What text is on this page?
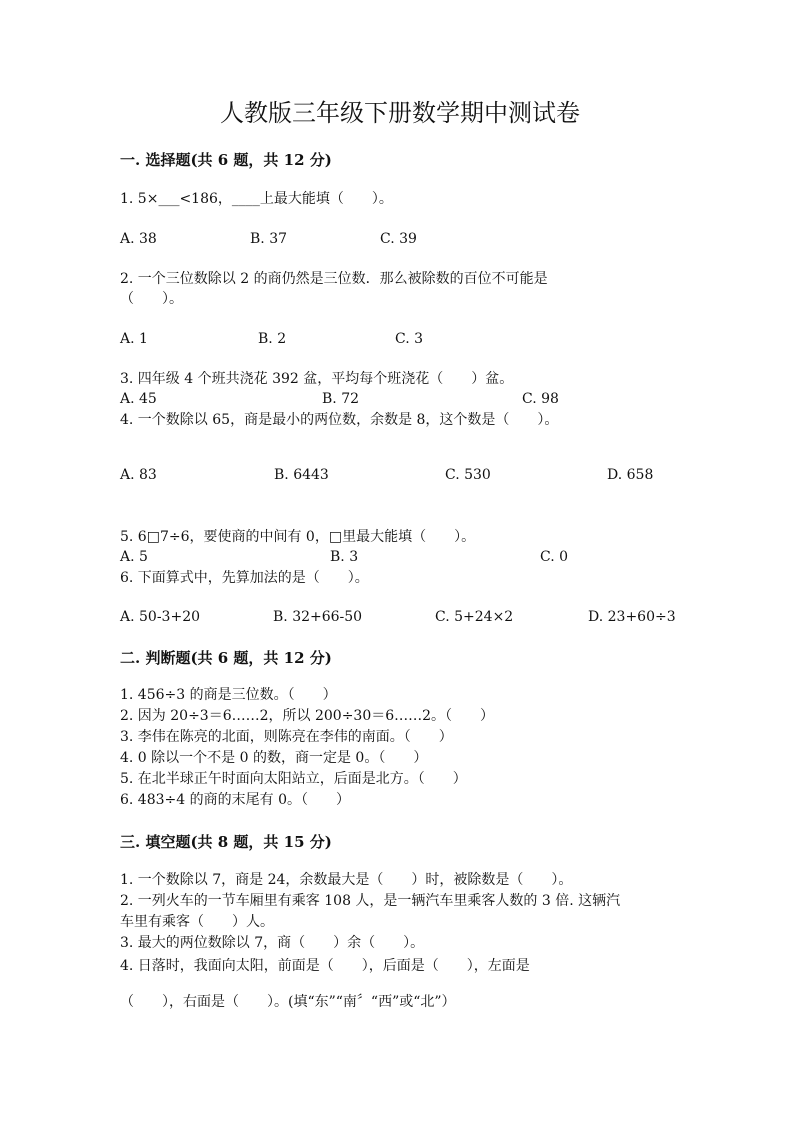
人教版三年级下册数学期中测试卷
一. 选择题(共 6 题，共 12 分)
1. 5×___<186，____上最大能填（　　）。
A. 38	B. 37	C. 39
2. 一个三位数除以 2 的商仍然是三位数．那么被除数的百位不可能是
（　　）。
A. 1	B. 2	C. 3
3. 四年级 4 个班共浇花 392 盆，平均每个班浇花（　　）盆。
A. 45	B. 72	C. 98
4. 一个数除以 65，商是最小的两位数，余数是 8，这个数是（　　）。
A. 83	B. 6443	C. 530	D. 658
5. 6□7÷6，要使商的中间有 0，□里最大能填（　　）。
A. 5	B. 3	C. 0
6. 下面算式中，先算加法的是（　　）。
A. 50-3+20	B. 32+66-50	C. 5+24×2	D. 23+60÷3
二. 判断题(共 6 题，共 12 分)
1. 456÷3 的商是三位数。（　　）
2. 因为 20÷3＝6……2，所以 200÷30＝6……2。（　　）
3. 李伟在陈亮的北面，则陈亮在李伟的南面。（　　）
4. 0 除以一个不是 0 的数，商一定是 0。（　　）
5. 在北半球正午时面向太阳站立，后面是北方。（　　）
6. 483÷4 的商的末尾有 0。（　　）
三. 填空题(共 8 题，共 15 分)
1. 一个数除以 7，商是 24，余数最大是（　　）时，被除数是（　　）。
2. 一列火车的一节车厢里有乘客 108 人，是一辆汽车里乘客人数的 3 倍. 这辆汽
车里有乘客（　　）人。
3. 最大的两位数除以 7，商（　　）余（　　）。
4. 日落时，我面向太阳，前面是（　　），后面是（　　），左面是
（　　），右面是（　　）。(填“东”“南〞“西”或“北”）
